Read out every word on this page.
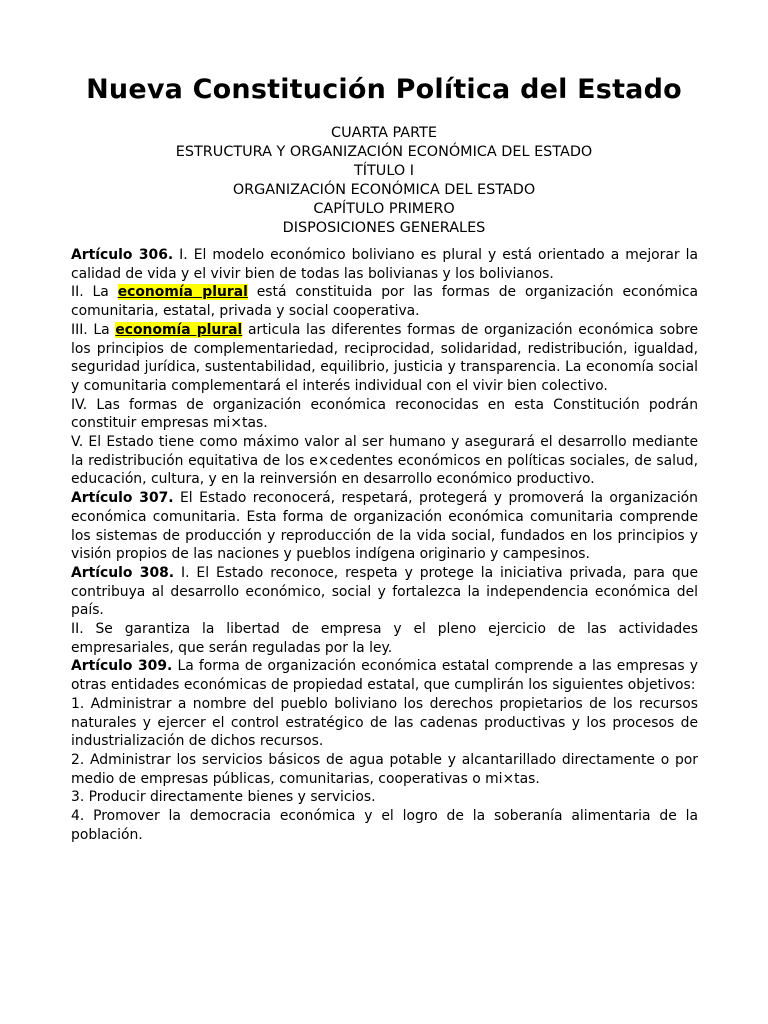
Nueva Constitución Política del Estado
CUARTA PARTE
ESTRUCTURA Y ORGANIZACIÓN ECONÓMICA DEL ESTADO
TÍTULO I
ORGANIZACIÓN ECONÓMICA DEL ESTADO
CAPÍTULO PRIMERO
DISPOSICIONES GENERALES

Artículo 306. I. El modelo económico boliviano es plural y está orientado a mejorar la calidad de vida y el vivir bien de todas las bolivianas y los bolivianos.

II. La economía plural está constituida por las formas de organización económica comunitaria, estatal, privada y social cooperativa.

III. La economía plural articula las diferentes formas de organización económica sobre los principios de complementariedad, reciprocidad, solidaridad, redistribución, igualdad, seguridad jurídica, sustentabilidad, equilibrio, justicia y transparencia. La economía social y comunitaria complementará el interés individual con el vivir bien colectivo.

IV. Las formas de organización económica reconocidas en esta Constitución podrán constituir empresas mi×tas.

V. El Estado tiene como máximo valor al ser humano y asegurará el desarrollo mediante la redistribución equitativa de los e×cedentes económicos en políticas sociales, de salud, educación, cultura, y en la reinversión en desarrollo económico productivo.

Artículo 307. El Estado reconocerá, respetará, protegerá y promoverá la organización económica comunitaria. Esta forma de organización económica comunitaria comprende los sistemas de producción y reproducción de la vida social, fundados en los principios y visión propios de las naciones y pueblos indígena originario y campesinos.

Artículo 308. I. El Estado reconoce, respeta y protege la iniciativa privada, para que contribuya al desarrollo económico, social y fortalezca la independencia económica del país.

II. Se garantiza la libertad de empresa y el pleno ejercicio de las actividades empresariales, que serán reguladas por la ley.

Artículo 309. La forma de organización económica estatal comprende a las empresas y otras entidades económicas de propiedad estatal, que cumplirán los siguientes objetivos:

1. Administrar a nombre del pueblo boliviano los derechos propietarios de los recursos naturales y ejercer el control estratégico de las cadenas productivas y los procesos de industrialización de dichos recursos.

2. Administrar los servicios básicos de agua potable y alcantarillado directamente o por medio de empresas públicas, comunitarias, cooperativas o mi×tas.

3. Producir directamente bienes y servicios.

4. Promover la democracia económica y el logro de la soberanía alimentaria de la población.
